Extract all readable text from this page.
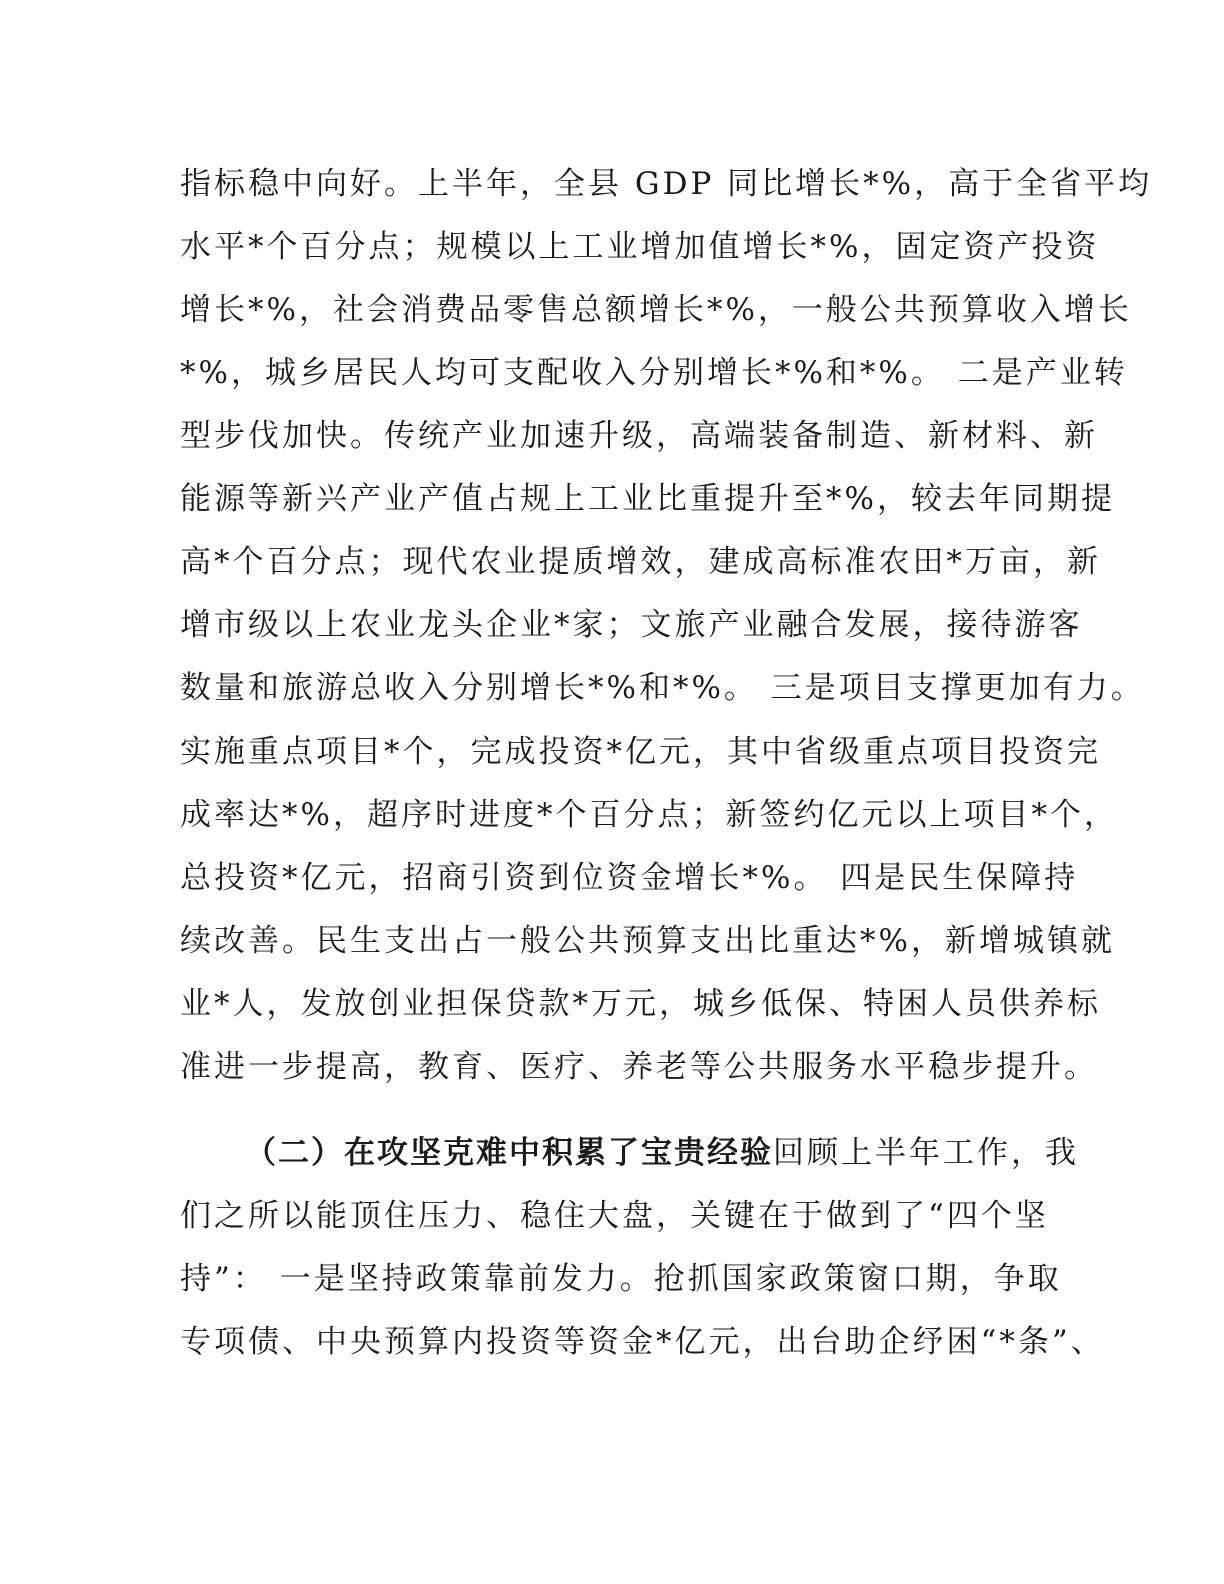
指标稳中向好。上半年，全县 GDP 同比增长*%，高于全省平均
水平*个百分点；规模以上工业增加值增长*%，固定资产投资
增长*%，社会消费品零售总额增长*%，一般公共预算收入增长
*%，城乡居民人均可支配收入分别增长*%和*%。 二是产业转
型步伐加快。传统产业加速升级，高端装备制造、新材料、新
能源等新兴产业产值占规上工业比重提升至*%，较去年同期提
高*个百分点；现代农业提质增效，建成高标准农田*万亩，新
增市级以上农业龙头企业*家；文旅产业融合发展，接待游客
数量和旅游总收入分别增长*%和*%。 三是项目支撑更加有力。
实施重点项目*个，完成投资*亿元，其中省级重点项目投资完
成率达*%，超序时进度*个百分点；新签约亿元以上项目*个，
总投资*亿元，招商引资到位资金增长*%。 四是民生保障持
续改善。民生支出占一般公共预算支出比重达*%，新增城镇就
业*人，发放创业担保贷款*万元，城乡低保、特困人员供养标
准进一步提高，教育、医疗、养老等公共服务水平稳步提升。
（二）在攻坚克难中积累了宝贵经验回顾上半年工作，我
们之所以能顶住压力、稳住大盘，关键在于做到了“四个坚
持”： 一是坚持政策靠前发力。抢抓国家政策窗口期，争取
专项债、中央预算内投资等资金*亿元，出台助企纾困“*条”、
